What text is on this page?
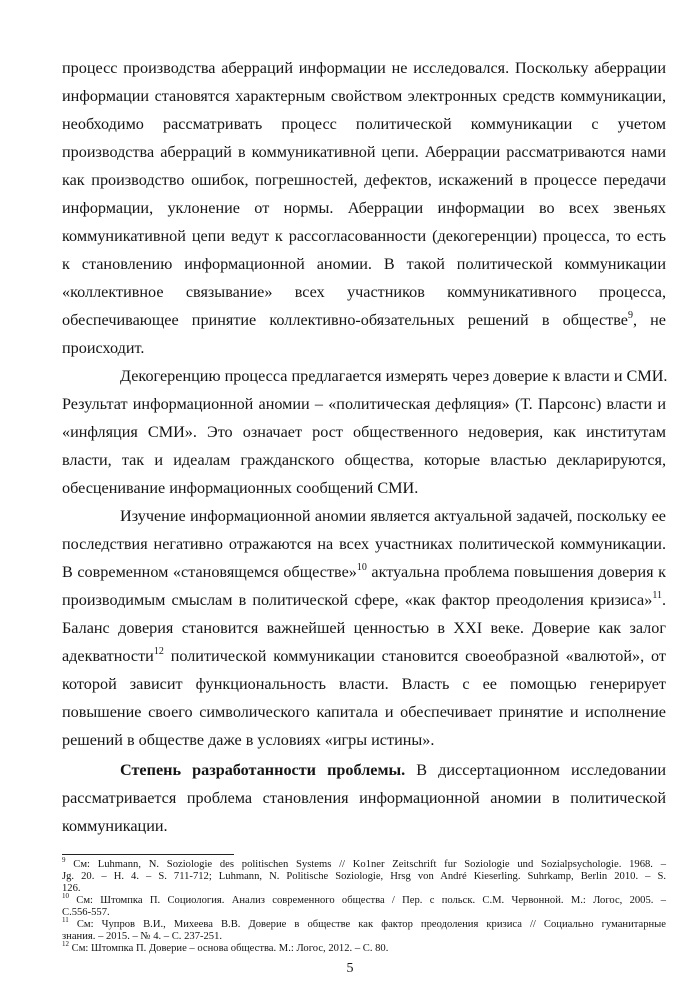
процесс производства аберраций информации не исследовался. Поскольку аберрации
информации становятся характерным свойством электронных средств коммуникации,
необходимо рассматривать процесс политической коммуникации с учетом
производства аберраций в коммуникативной цепи. Аберрации рассматриваются нами
как производство ошибок, погрешностей, дефектов, искажений в процессе передачи
информации, уклонение от нормы. Аберрации информации во всех звеньях
коммуникативной цепи ведут к рассогласованности (декогеренции) процесса, то есть
к становлению информационной аномии. В такой политической коммуникации
«коллективное связывание» всех участников коммуникативного процесса,
обеспечивающее принятие коллективно-обязательных решений в обществе$^9$, не
происходит.
Декогеренцию процесса предлагается измерять через доверие к власти и СМИ.
Результат информационной аномии – «политическая дефляция» (Т. Парсонс) власти и
«инфляция СМИ». Это означает рост общественного недоверия, как институтам
власти, так и идеалам гражданского общества, которые властью декларируются,
обесценивание информационных сообщений СМИ.
Изучение информационной аномии является актуальной задачей, поскольку ее
последствия негативно отражаются на всех участниках политической коммуникации.
В современном «становящемся обществе»$^{10}$ актуальна проблема повышения доверия к
производимым смыслам в политической сфере, «как фактор преодоления кризиса»$^{11}$.
Баланс доверия становится важнейшей ценностью в XXI веке. Доверие как залог
адекватности$^{12}$ политической коммуникации становится своеобразной «валютой», от
которой зависит функциональность власти. Власть с ее помощью генерирует
повышение своего символического капитала и обеспечивает принятие и исполнение
решений в обществе даже в условиях «игры истины».
Степень разработанности проблемы. В диссертационном исследовании
рассматривается проблема становления информационной аномии в политической
коммуникации.
$^9$ См: Luhmann, N. Soziologie des politischen Systems // Ko1ner Zeitschrift fur Soziologie und Sozialpsychologie. 1968. –
Jg. 20. – H. 4. – S. 711-712; Luhmann, N. Politische Soziologie, Hrsg von André Kieserling. Suhrkamp, Berlin 2010. – S.
126.
$^{10}$ См: Штомпка П. Социология. Анализ современного общества / Пер. с польск. С.М. Червонной. М.: Логос, 2005. –
С.556-557.
$^{11}$ См: Чупров В.И., Михеева В.В. Доверие в обществе как фактор преодоления кризиса // Социально гуманитарные
знания. – 2015. – № 4. – С. 237-251.
$^{12}$ См: Штомпка П. Доверие – основа общества. М.: Логос, 2012. – С. 80.
5
